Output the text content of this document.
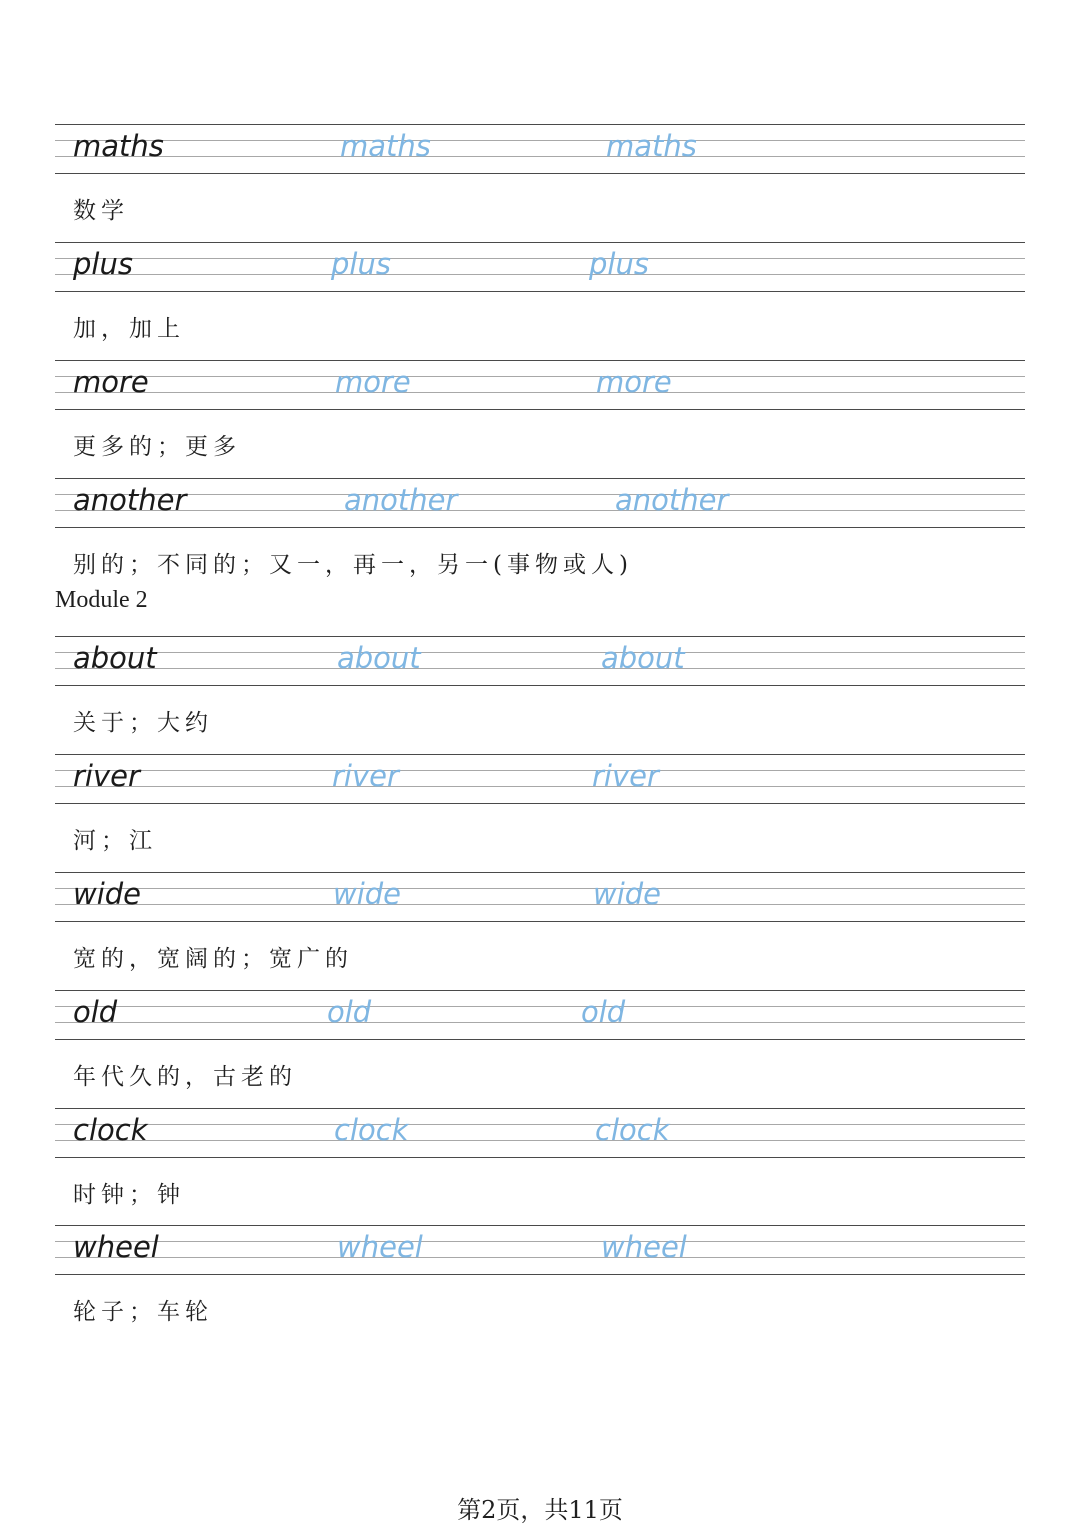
maths	maths	maths
数学
plus	plus	plus
加，加上
more	more	more
更多的；更多
another	another	another
别的；不同的；又一，再一，另一(事物或人)
Module 2
about	about	about
关于；大约
river	river	river
河；江
wide	wide	wide
宽的，宽阔的；宽广的
old	old	old
年代久的，古老的
clock	clock	clock
时钟；钟
wheel	wheel	wheel
轮子；车轮
第2页，共11页
